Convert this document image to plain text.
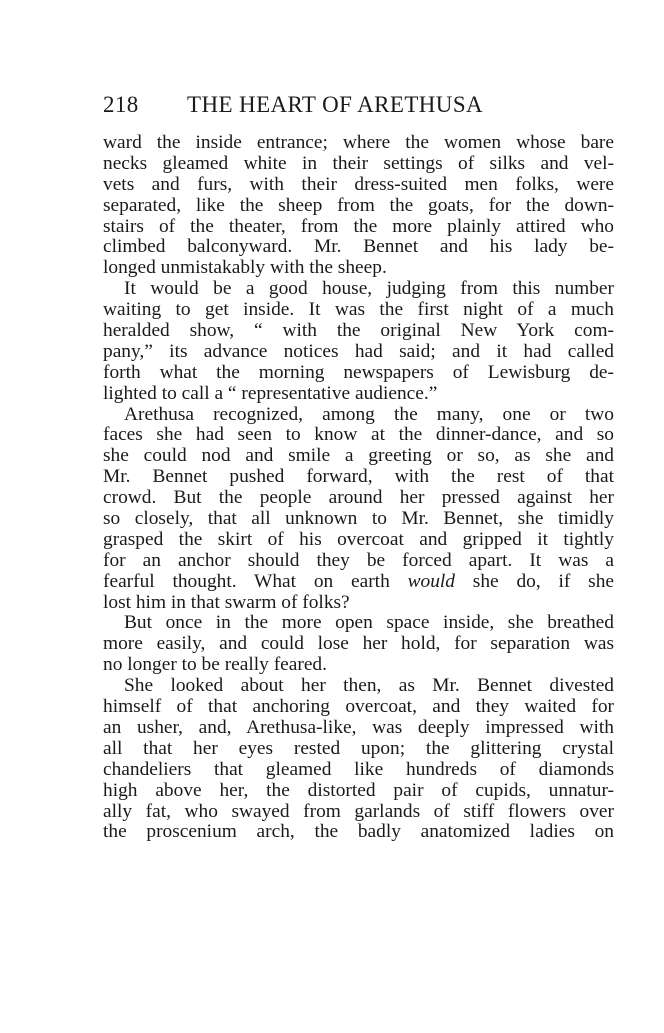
218 THE HEART OF ARETHUSA
ward the inside entrance; where the women whose bare
necks gleamed white in their settings of silks and vel-
vets and furs, with their dress-suited men folks, were
separated, like the sheep from the goats, for the down-
stairs of the theater, from the more plainly attired who
climbed balconyward. Mr. Bennet and his lady be-
longed unmistakably with the sheep.
It would be a good house, judging from this number
waiting to get inside. It was the first night of a much
heralded show, “ with the original New York com-
pany,” its advance notices had said; and it had called
forth what the morning newspapers of Lewisburg de-
lighted to call a “ representative audience.”
Arethusa recognized, among the many, one or two
faces she had seen to know at the dinner-dance, and so
she could nod and smile a greeting or so, as she and
Mr. Bennet pushed forward, with the rest of that
crowd. But the people around her pressed against her
so closely, that all unknown to Mr. Bennet, she timidly
grasped the skirt of his overcoat and gripped it tightly
for an anchor should they be forced apart. It was a
fearful thought. What on earth would she do, if she
lost him in that swarm of folks?
But once in the more open space inside, she breathed
more easily, and could lose her hold, for separation was
no longer to be really feared.
She looked about her then, as Mr. Bennet divested
himself of that anchoring overcoat, and they waited for
an usher, and, Arethusa-like, was deeply impressed with
all that her eyes rested upon; the glittering crystal
chandeliers that gleamed like hundreds of diamonds
high above her, the distorted pair of cupids, unnatur-
ally fat, who swayed from garlands of stiff flowers over
the proscenium arch, the badly anatomized ladies on
